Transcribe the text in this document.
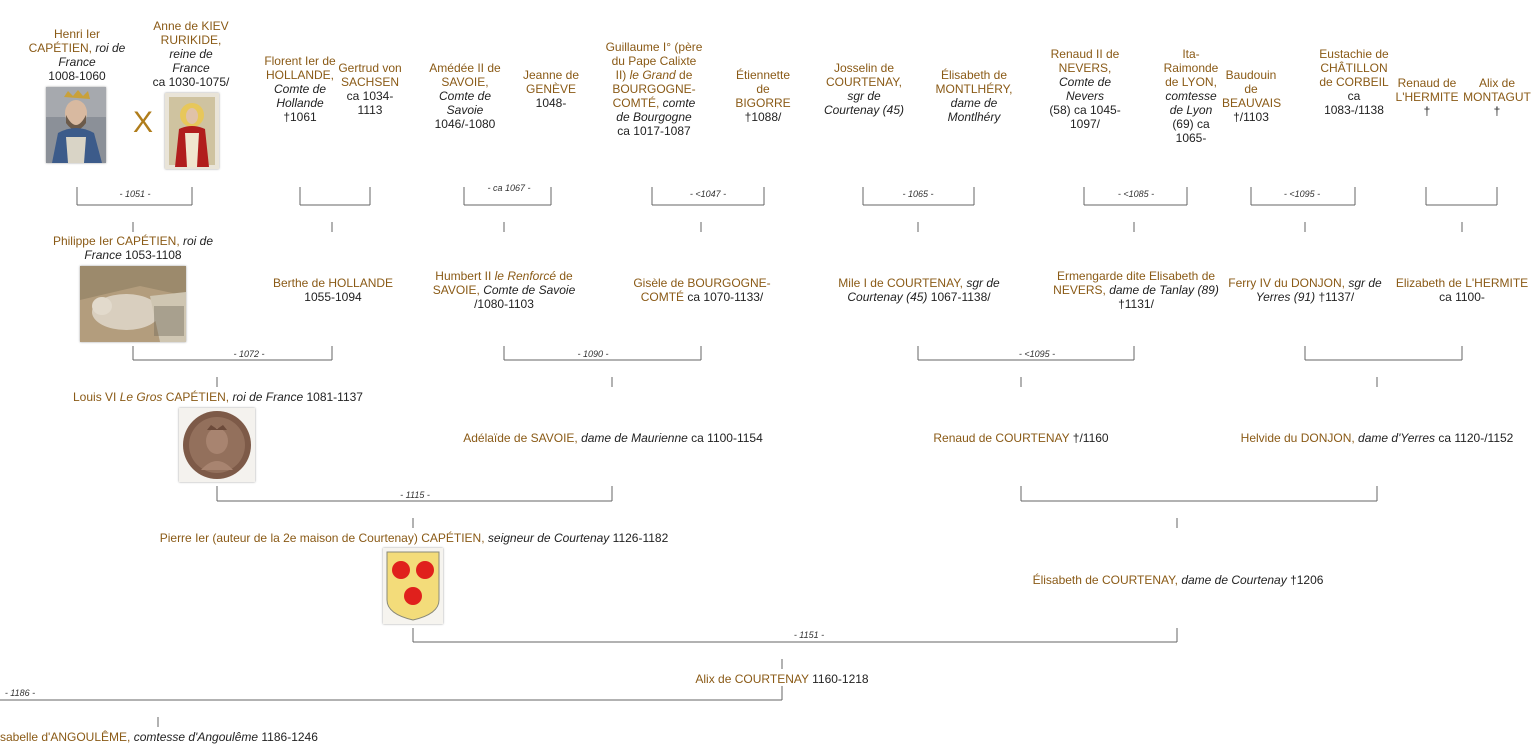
Henri Ier CAPÉTIEN, roi de France
1008-1060
X
Anne de KIEV RURIKIDE, reine de France
ca 1030-1075/
Florent Ier de HOLLANDE,
Comte de Hollande
†1061
Gertrud von SACHSEN
ca 1034-1113
Amédée II de SAVOIE,
Comte de Savoie
1046/-1080
Jeanne de GENÈVE
1048-
Guillaume I° (père du Pape Calixte II) le Grand de BOURGOGNE-COMTÉ, comte de Bourgogne
ca 1017-1087
Étiennette de BIGORRE
†1088/
Josselin de COURTENAY,
sgr de Courtenay (45)
Élisabeth de MONTLHÉRY,
dame de Montlhéry
Renaud II de NEVERS,
Comte de Nevers
(58) ca 1045-1097/
Ita-Raimonde de LYON,
comtesse de Lyon
(69) ca 1065-
Baudouin de BEAUVAIS
†/1103
Eustachie de CHÂTILLON de CORBEIL
ca 1083-/1138
Renaud de L'HERMITE
†
Alix de MONTAGUT
†
- 1051 -
- ca 1067 -
- <1047 -	- 1065 -	- <1085 -	- <1095 -
Philippe Ier CAPÉTIEN, roi de France 1053-1108
Berthe de HOLLANDE
1055-1094
Humbert II le Renforcé de SAVOIE, Comte de Savoie /1080-1103
Gisèle de BOURGOGNE-COMTÉ ca 1070-1133/
Mile I de COURTENAY, sgr de Courtenay (45) 1067-1138/
Ermengarde dite Elisabeth de NEVERS, dame de Tanlay (89) †1131/
Ferry IV du DONJON, sgr de Yerres (91) †1137/
Elizabeth de L'HERMITE
ca 1100-
- 1072 -	- 1090 -	- <1095 -
Louis VI Le Gros CAPÉTIEN, roi de France 1081-1137
Adélaïde de SAVOIE, dame de Maurienne ca 1100-1154	Renaud de COURTENAY †/1160	Helvide du DONJON, dame d'Yerres ca 1120-/1152
- 1115 -
Pierre Ier (auteur de la 2e maison de Courtenay) CAPÉTIEN, seigneur de Courtenay 1126-1182
Élisabeth de COURTENAY, dame de Courtenay †1206
- 1151 -
Alix de COURTENAY 1160-1218
- 1186 -
sabelle d'ANGOULÊME, comtesse d'Angoulême 1186-1246
